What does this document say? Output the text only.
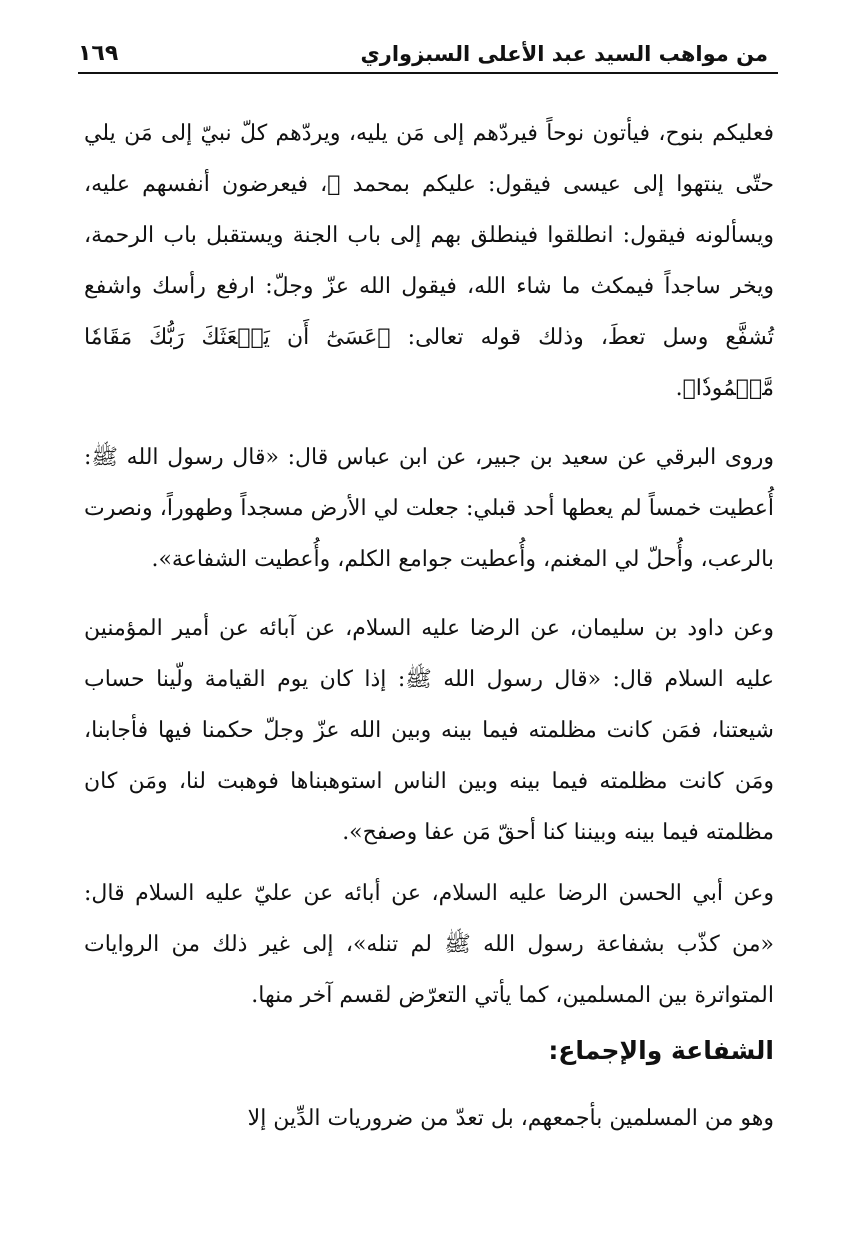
من مواهب السيد عبد الأعلى السبزواري
١٦٩

فعليكم بنوح، فيأتون نوحاً فيردّهم إلى مَن يليه، ويردّهم كلّ نبيّ إلى مَن يلي حتّى ينتهوا إلى عيسى فيقول: عليكم بمحمد ﷺ، فيعرضون أنفسهم عليه، ويسألونه فيقول: انطلقوا فينطلق بهم إلى باب الجنة ويستقبل باب الرحمة، ويخر ساجداً فيمكث ما شاء الله، فيقول الله عزّ وجلّ: ارفع رأسك واشفع تُشفَّع وسل تعطَ، وذلك قوله تعالى: ﴿عَسَىٰٓ أَن يَبۡعَثَكَ رَبُّكَ مَقَامٗا مَّحۡمُودٗا﴾.

وروى البرقي عن سعيد بن جبير، عن ابن عباس قال: «قال رسول الله ﷺ: أُعطيت خمساً لم يعطها أحد قبلي: جعلت لي الأرض مسجداً وطهوراً، ونصرت بالرعب، وأُحلّ لي المغنم، وأُعطيت جوامع الكلم، وأُعطيت الشفاعة».

وعن داود بن سليمان، عن الرضا عليه السلام، عن آبائه عن أمير المؤمنين عليه السلام قال: «قال رسول الله ﷺ: إذا كان يوم القيامة ولّينا حساب شيعتنا، فمَن كانت مظلمته فيما بينه وبين الله عزّ وجلّ حكمنا فيها فأجابنا، ومَن كانت مظلمته فيما بينه وبين الناس استوهبناها فوهبت لنا، ومَن كان مظلمته فيما بينه وبيننا كنا أحقّ مَن عفا وصفح».

وعن أبي الحسن الرضا عليه السلام، عن أبائه عن عليّ عليه السلام قال: «من كذّب بشفاعة رسول الله ﷺ لم تنله»، إلى غير ذلك من الروايات المتواترة بين المسلمين، كما يأتي التعرّض لقسم آخر منها.

الشفاعة والإجماع:

وهو من المسلمين بأجمعهم، بل تعدّ من ضروريات الدِّين إلا
